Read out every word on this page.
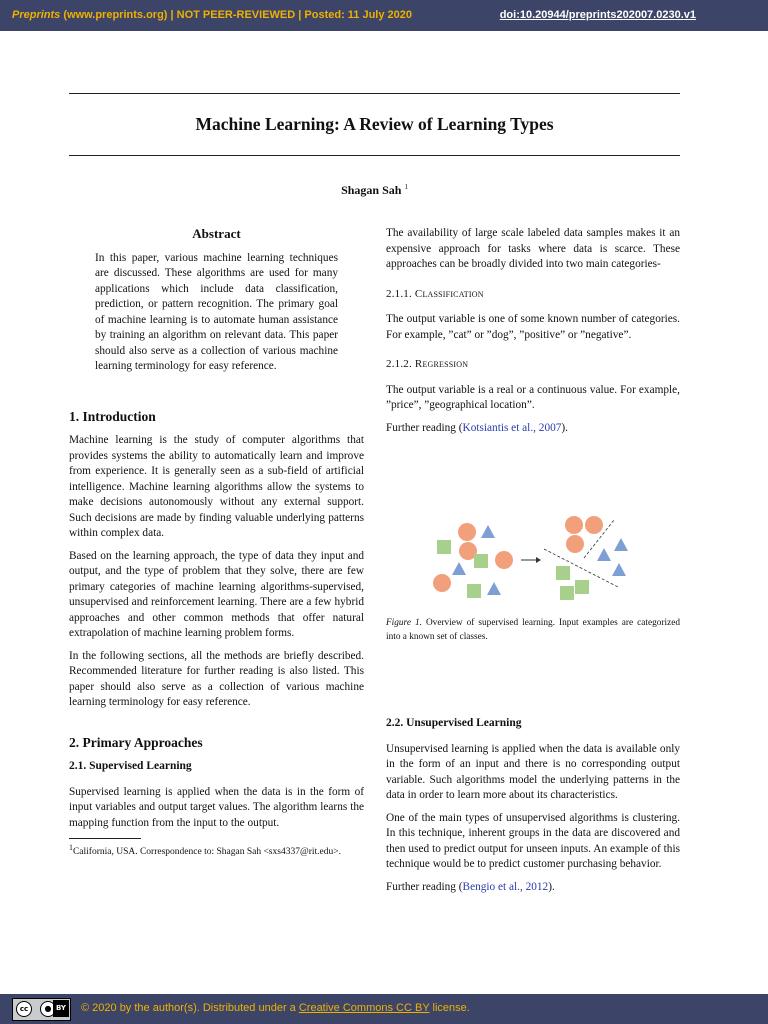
Preprints (www.preprints.org) | NOT PEER-REVIEWED | Posted: 11 July 2020	doi:10.20944/preprints202007.0230.v1
Machine Learning: A Review of Learning Types
Shagan Sah $^1$
Abstract
In this paper, various machine learning techniques are discussed. These algorithms are used for many applications which include data classification, prediction, or pattern recognition. The primary goal of machine learning is to automate human assistance by training an algorithm on relevant data. This paper should also serve as a collection of various machine learning terminology for easy reference.
1. Introduction

Machine learning is the study of computer algorithms that provides systems the ability to automatically learn and improve from experience. It is generally seen as a sub-field of artificial intelligence. Machine learning algorithms allow the systems to make decisions autonomously without any external support. Such decisions are made by finding valuable underlying patterns within complex data.

Based on the learning approach, the type of data they input and output, and the type of problem that they solve, there are few primary categories of machine learning algorithms-supervised, unsupervised and reinforcement learning. There are a few hybrid approaches and other common methods that offer natural extrapolation of machine learning problem forms.

In the following sections, all the methods are briefly described. Recommended literature for further reading is also listed. This paper should also serve as a collection of various machine learning terminology for easy reference.

2. Primary Approaches
2.1. Supervised Learning

Supervised learning is applied when the data is in the form of input variables and output target values. The algorithm learns the mapping function from the input to the output.

$^1$California, USA. Correspondence to: Shagan Sah <sxs4337@rit.edu>.

The availability of large scale labeled data samples makes it an expensive approach for tasks where data is scarce. These approaches can be broadly divided into two main categories-

2.1.1. Classification

The output variable is one of some known number of categories. For example, ”cat” or ”dog”, ”positive” or ”negative”.

2.1.2. Regression

The output variable is a real or a continuous value. For example, ”price”, ”geographical location”.

Further reading (Kotsiantis et al., 2007).

Figure 1. Overview of supervised learning. Input examples are categorized into a known set of classes.
2.2. Unsupervised Learning

Unsupervised learning is applied when the data is available only in the form of an input and there is no corresponding output variable. Such algorithms model the underlying patterns in the data in order to learn more about its characteristics.

One of the main types of unsupervised algorithms is clustering. In this technique, inherent groups in the data are discovered and then used to predict output for unseen inputs. An example of this technique would be to predict customer purchasing behavior.

Further reading (Bengio et al., 2012).

cc	● BY © 2020 by the author(s). Distributed under a Creative Commons CC BY license.
